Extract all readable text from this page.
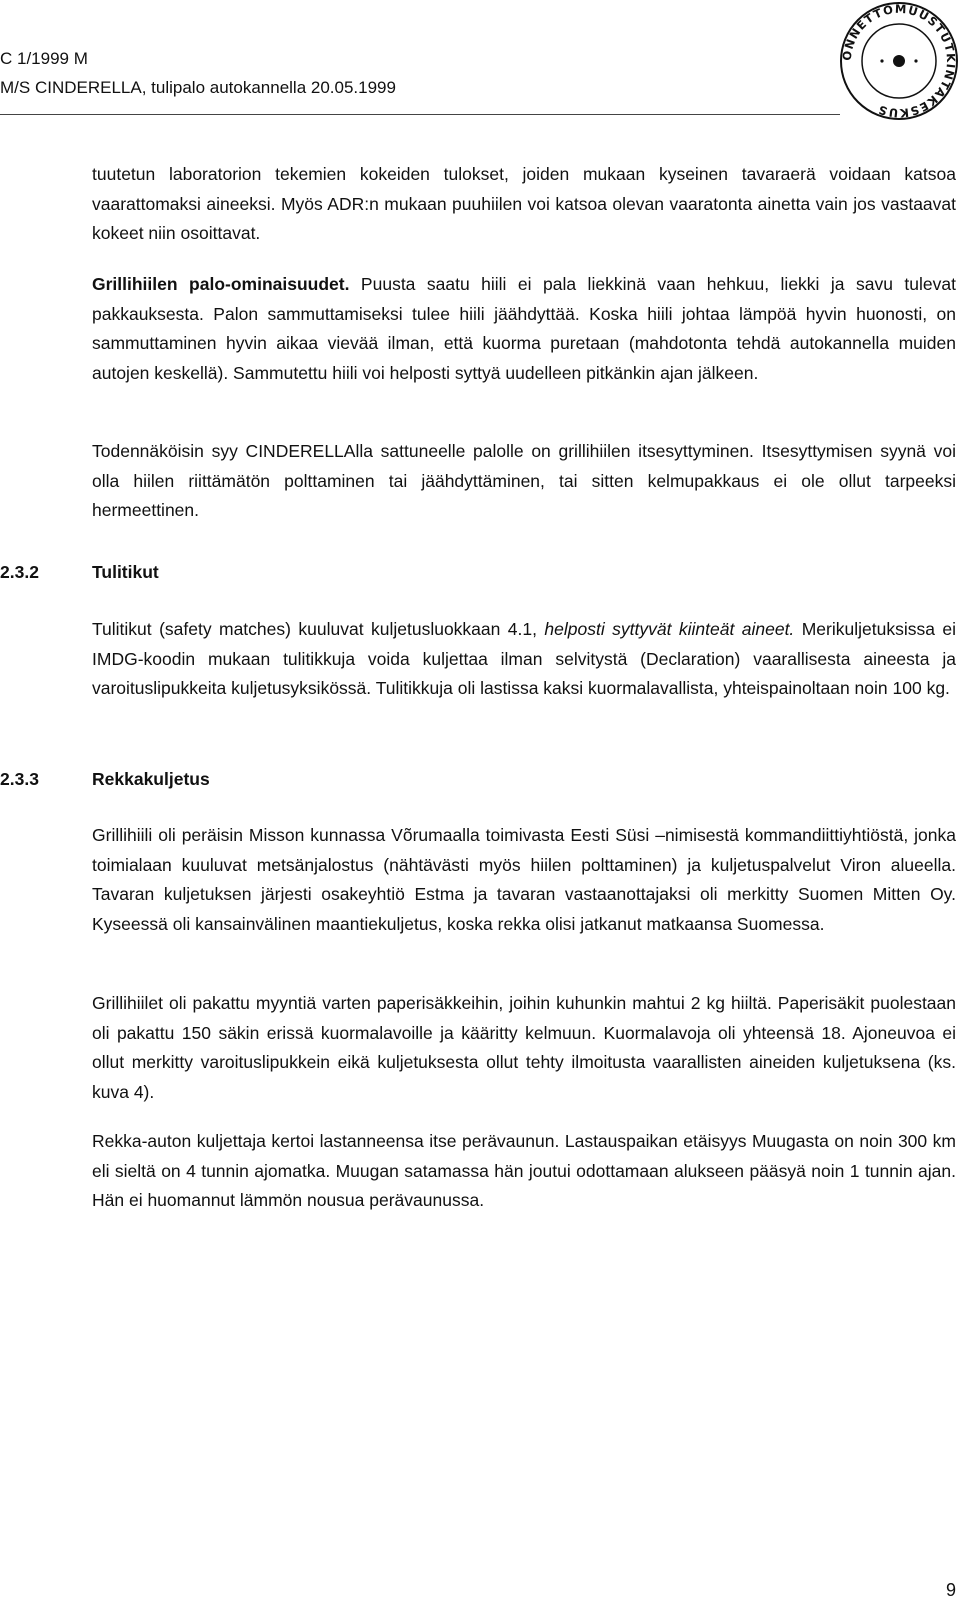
C 1/1999 M
M/S CINDERELLA, tulipalo autokannella 20.05.1999
ONNETTOMUUSTUTKINTAKESKUS

tuutetun laboratorion tekemien kokeiden tulokset, joiden mukaan kyseinen tavaraerä voidaan katsoa vaarattomaksi aineeksi. Myös ADR:n mukaan puuhiilen voi katsoa olevan vaaratonta ainetta vain jos vastaavat kokeet niin osoittavat.

Grillihiilen palo-ominaisuudet. Puusta saatu hiili ei pala liekkinä vaan hehkuu, liekki ja savu tulevat pakkauksesta. Palon sammuttamiseksi tulee hiili jäähdyttää. Koska hiili johtaa lämpöä hyvin huonosti, on sammuttaminen hyvin aikaa vievää ilman, että kuorma puretaan (mahdotonta tehdä autokannella muiden autojen keskellä). Sammutettu hiili voi helposti syttyä uudelleen pitkänkin ajan jälkeen.

Todennäköisin syy CINDERELLAlla sattuneelle palolle on grillihiilen itsesyttyminen. Itsesyttymisen syynä voi olla hiilen riittämätön polttaminen tai jäähdyttäminen, tai sitten kelmupakkaus ei ole ollut tarpeeksi hermeettinen.

2.3.2	Tulitikut

Tulitikut (safety matches) kuuluvat kuljetusluokkaan 4.1, helposti syttyvät kiinteät aineet. Merikuljetuksissa ei IMDG-koodin mukaan tulitikkuja voida kuljettaa ilman selvitystä (Declaration) vaarallisesta aineesta ja varoituslipukkeita kuljetusyksikössä. Tulitikkuja oli lastissa kaksi kuormalavallista, yhteispainoltaan noin 100 kg.

2.3.3	Rekkakuljetus

Grillihiili oli peräisin Misson kunnassa Võrumaalla toimivasta Eesti Süsi –nimisestä kommandiittiyhtiöstä, jonka toimialaan kuuluvat metsänjalostus (nähtävästi myös hiilen polttaminen) ja kuljetuspalvelut Viron alueella. Tavaran kuljetuksen järjesti osakeyhtiö Estma ja tavaran vastaanottajaksi oli merkitty Suomen Mitten Oy. Kyseessä oli kansainvälinen maantiekuljetus, koska rekka olisi jatkanut matkaansa Suomessa.

Grillihiilet oli pakattu myyntiä varten paperisäkkeihin, joihin kuhunkin mahtui 2 kg hiiltä. Paperisäkit puolestaan oli pakattu 150 säkin erissä kuormalavoille ja kääritty kelmuun. Kuormalavoja oli yhteensä 18. Ajoneuvoa ei ollut merkitty varoituslipukkein eikä kuljetuksesta ollut tehty ilmoitusta vaarallisten aineiden kuljetuksena (ks. kuva 4).

Rekka-auton kuljettaja kertoi lastanneensa itse perävaunun. Lastauspaikan etäisyys Muugasta on noin 300 km eli sieltä on 4 tunnin ajomatka. Muugan satamassa hän joutui odottamaan alukseen pääsyä noin 1 tunnin ajan. Hän ei huomannut lämmön nousua perävaunussa.

9
